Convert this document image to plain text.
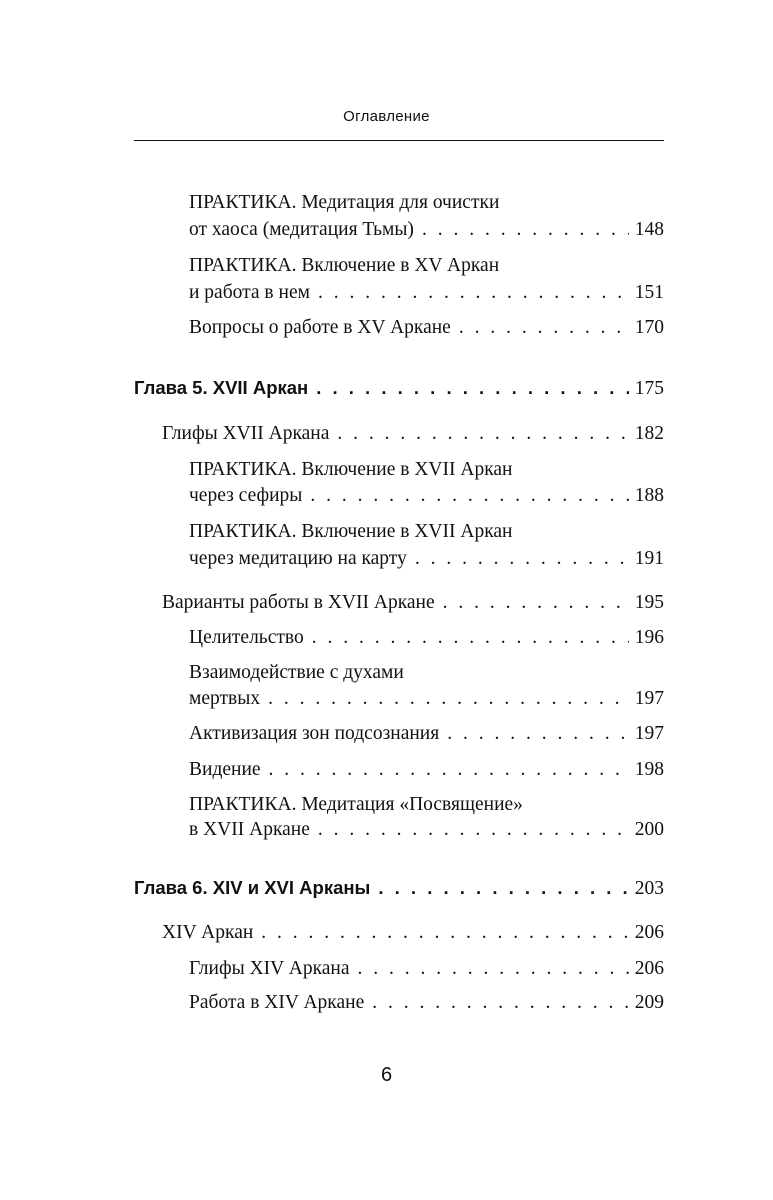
Оглавление
ПРАКТИКА. Медитация для очистки
от хаоса (медитация Тьмы) . . .	148
ПРАКТИКА. Включение в XV Аркан
и работа в нем . . .	151
Вопросы о работе в XV Аркане . . .	170
Глава 5. XVII Аркан . . .	175
Глифы XVII Аркана . . .	182
ПРАКТИКА. Включение в XVII Аркан
через сефиры . . .	188
ПРАКТИКА. Включение в XVII Аркан
через медитацию на карту . . .	191
Варианты работы в XVII Аркане . . .	195
Целительство . . .	196
Взаимодействие с духами
мертвых . . .	197
Активизация зон подсознания . . .	197
Видение . . .	198
ПРАКТИКА. Медитация «Посвящение»
в XVII Аркане . . .	200
Глава 6. XIV и XVI Арканы . . .	203
XIV Аркан . . .	206
Глифы XIV Аркана . . .	206
Работа в XIV Аркане . . .	209
6
